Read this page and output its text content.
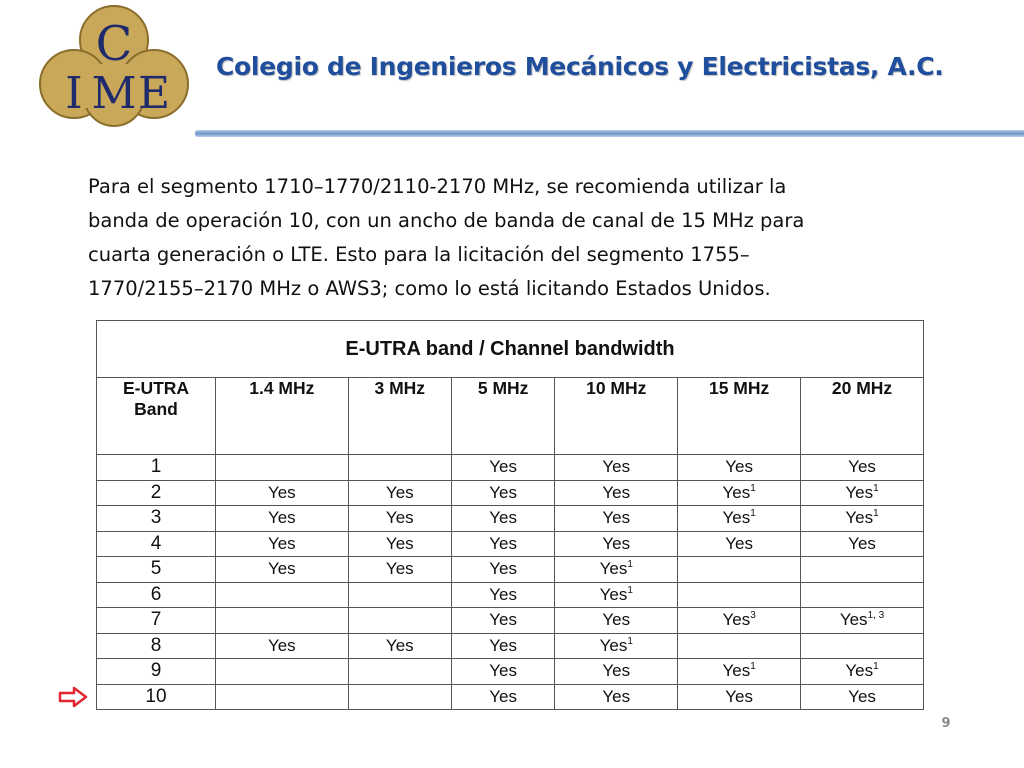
C
I M E
Colegio de Ingenieros Mecánicos y Electricistas, A.C.

Para el segmento 1710–1770/2110-2170 MHz, se recomienda utilizar la
banda de operación 10, con un ancho de banda de canal de 15 MHz para
cuarta generación o LTE. Esto para la licitación del segmento 1755–
1770/2155–2170 MHz o AWS3; como lo está licitando Estados Unidos.

E-UTRA band / Channel bandwidth						
E-UTRA
Band	1.4 MHz	3 MHz	5 MHz	10 MHz	15 MHz	20 MHz
1			Yes	Yes	Yes	Yes
2	Yes	Yes	Yes	Yes	Yes$^1$	Yes$^1$
3	Yes	Yes	Yes	Yes	Yes$^1$	Yes$^1$
4	Yes	Yes	Yes	Yes	Yes	Yes
5	Yes	Yes	Yes	Yes$^1$		
6			Yes	Yes$^1$		
7			Yes	Yes	Yes$^3$	Yes$^{1, 3}$
8	Yes	Yes	Yes	Yes$^1$		
9			Yes	Yes	Yes$^1$	Yes$^1$
10			Yes	Yes	Yes	Yes
9
